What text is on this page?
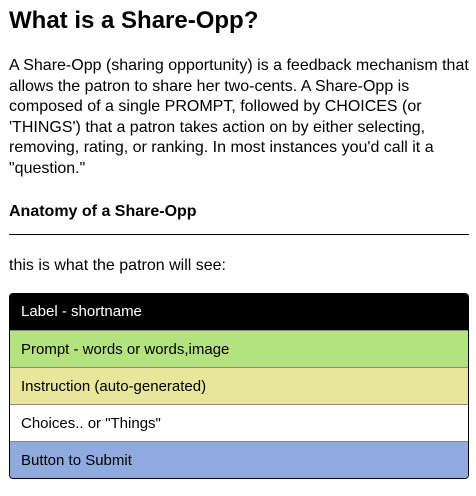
What is a Share-Opp?

A Share-Opp (sharing opportunity) is a feedback mechanism that allows the patron to share her two-cents. A Share-Opp is composed of a single PROMPT, followed by CHOICES (or 'THINGS') that a patron takes action on by either selecting, removing, rating, or ranking. In most instances you'd call it a "question."

Anatomy of a Share-Opp

this is what the patron will see:

Label - shortname
Prompt - words or words,image
Instruction (auto-generated)
Choices.. or "Things"
Button to Submit
